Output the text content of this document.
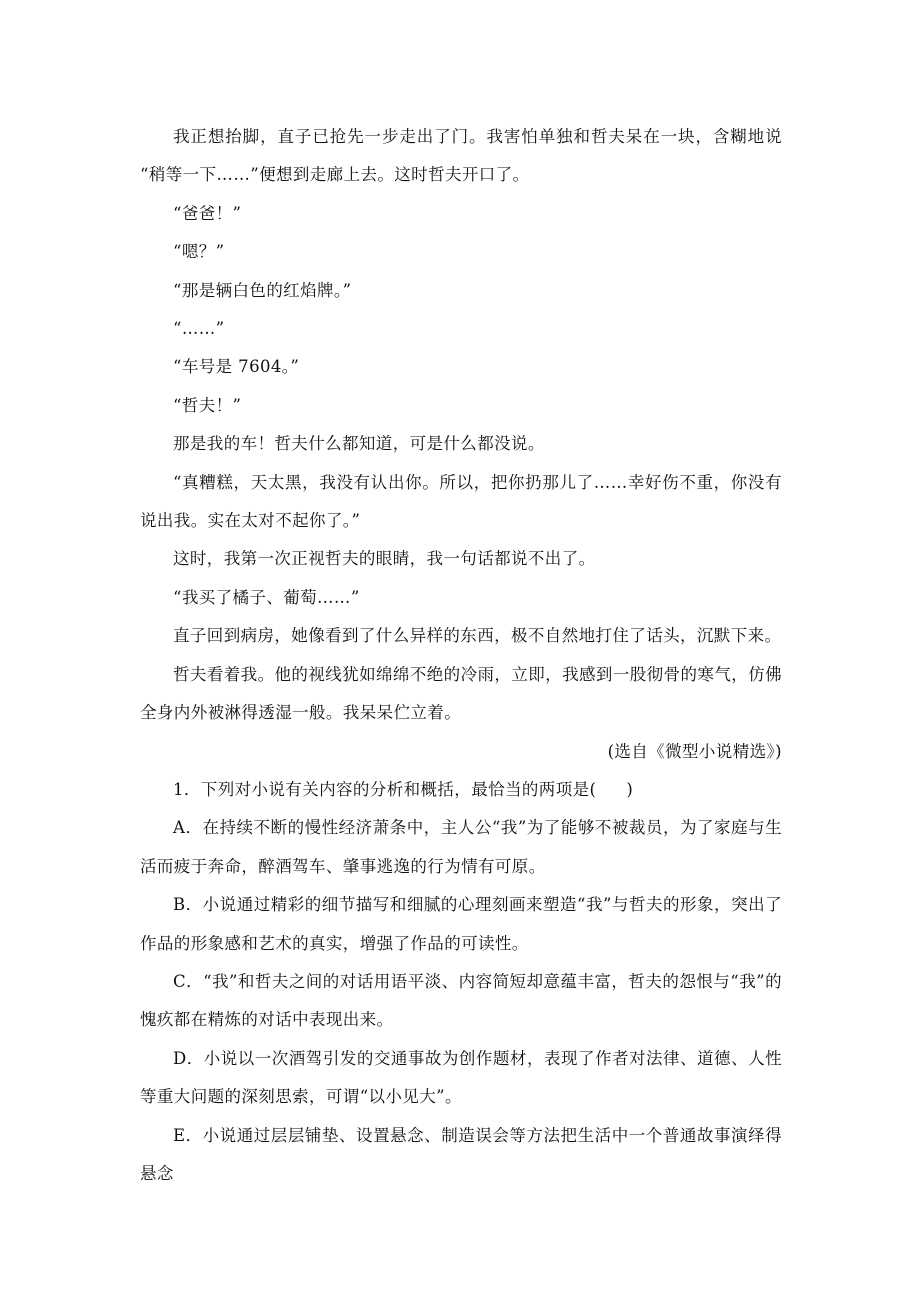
我正想抬脚，直子已抢先一步走出了门。我害怕单独和哲夫呆在一块，含糊地说 “稍等一下……”便想到走廊上去。这时哲夫开口了。

“爸爸！”

“嗯？”

“那是辆白色的红焰牌。”

“……”

“车号是 7604。”

“哲夫！”

那是我的车！哲夫什么都知道，可是什么都没说。

“真糟糕，天太黑，我没有认出你。所以，把你扔那儿了……幸好伤不重，你没有说出我。实在太对不起你了。”

这时，我第一次正视哲夫的眼睛，我一句话都说不出了。

“我买了橘子、葡萄……”

直子回到病房，她像看到了什么异样的东西，极不自然地打住了话头，沉默下来。

哲夫看着我。他的视线犹如绵绵不绝的冷雨，立即，我感到一股彻骨的寒气，仿佛全身内外被淋得透湿一般。我呆呆伫立着。

(选自《微型小说精选》)

1．下列对小说有关内容的分析和概括，最恰当的两项是( )

A．在持续不断的慢性经济萧条中，主人公“我”为了能够不被裁员，为了家庭与生活而疲于奔命，醉酒驾车、肇事逃逸的行为情有可原。

B．小说通过精彩的细节描写和细腻的心理刻画来塑造“我”与哲夫的形象，突出了作品的形象感和艺术的真实，增强了作品的可读性。

C．“我”和哲夫之间的对话用语平淡、内容简短却意蕴丰富，哲夫的怨恨与“我”的愧疚都在精炼的对话中表现出来。

D．小说以一次酒驾引发的交通事故为创作题材，表现了作者对法律、道德、人性等重大问题的深刻思索，可谓“以小见大”。

E．小说通过层层铺垫、设置悬念、制造误会等方法把生活中一个普通故事演绎得悬念
